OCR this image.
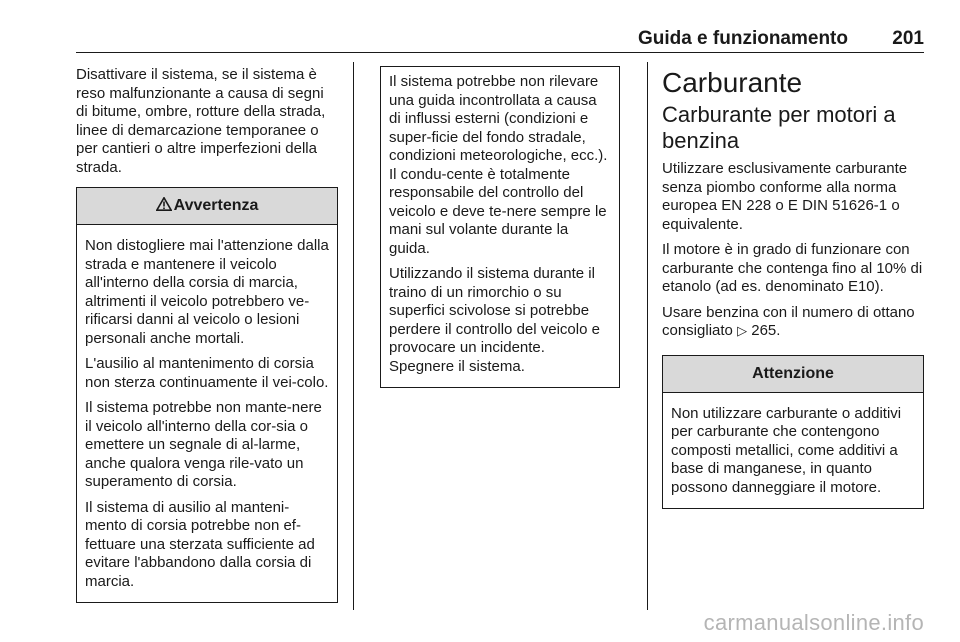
Guida e funzionamento 201

Disattivare il sistema, se il sistema è reso malfunzionante a causa di segni di bitume, ombre, rotture della strada, linee di demarcazione temporanee o per cantieri o altre imperfezioni della strada.

Avvertenza

Non distogliere mai l'attenzione dalla strada e mantenere il veicolo all'interno della corsia di marcia, altrimenti il veicolo potrebbero ve-rificarsi danni al veicolo o lesioni personali anche mortali.

L'ausilio al mantenimento di corsia non sterza continuamente il vei-colo.

Il sistema potrebbe non mante-nere il veicolo all'interno della cor-sia o emettere un segnale di al-larme, anche qualora venga rile-vato un superamento di corsia.

Il sistema di ausilio al manteni-mento di corsia potrebbe non ef-fettuare una sterzata sufficiente ad evitare l'abbandono dalla corsia di marcia.

Il sistema potrebbe non rilevare una guida incontrollata a causa di influssi esterni (condizioni e super-ficie del fondo stradale, condizioni meteorologiche, ecc.). Il condu-cente è totalmente responsabile del controllo del veicolo e deve te-nere sempre le mani sul volante durante la guida.

Utilizzando il sistema durante il traino di un rimorchio o su superfici scivolose si potrebbe perdere il controllo del veicolo e provocare un incidente. Spegnere il sistema.

Carburante
Carburante per motori a benzina

Utilizzare esclusivamente carburante senza piombo conforme alla norma europea EN 228 o E DIN 51626-1 o equivalente.

Il motore è in grado di funzionare con carburante che contenga fino al 10% di etanolo (ad es. denominato E10).

Usare benzina con il numero di ottano consigliato ▷ 265.

Attenzione

Non utilizzare carburante o additivi per carburante che contengono composti metallici, come additivi a base di manganese, in quanto possono danneggiare il motore.

carmanualsonline.info
